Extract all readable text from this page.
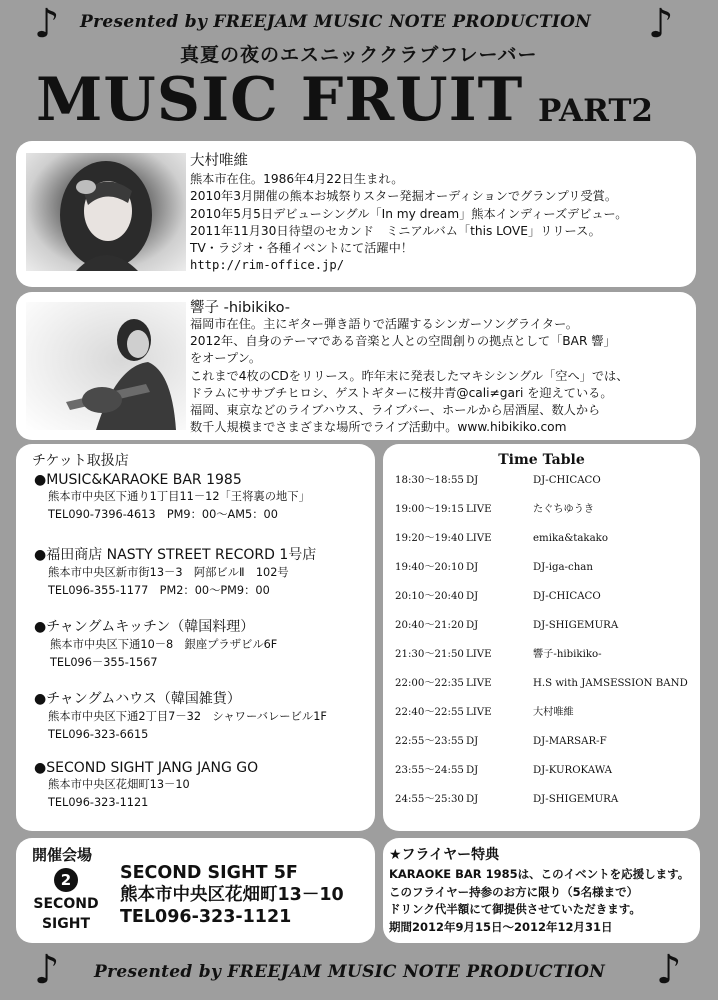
♪	♪
Presented by FREEJAM MUSIC NOTE PRODUCTION
真夏の夜のエスニッククラブフレーバー
MUSIC FRUIT PART2
大村唯維
熊本市在住。1986年4月22日生まれ。
2010年3月開催の熊本お城祭りスター発掘オーディションでグランプリ受賞。
2010年5月5日デビューシングル「In my dream」熊本インディーズデビュー。
2011年11月30日待望のセカンド　ミニアルバム「this LOVE」リリース。
TV・ラジオ・各種イベントにて活躍中！
http://rim-office.jp/
響子 -hibikiko-
福岡市在住。主にギター弾き語りで活躍するシンガーソングライター。
2012年、自身のテーマである音楽と人との空間創りの拠点として「BAR 響」
をオープン。
これまで4枚のCDをリリース。昨年末に発表したマキシシングル「空へ」では、
ドラムにササブチヒロシ、ゲストギターに桜井青@cali≠gari を迎えている。
福岡、東京などのライブハウス、ライブバー、ホールから居酒屋、数人から
数千人規模までさまざまな場所でライブ活動中。www.hibikiko.com
チケット取扱店
●MUSIC&KARAOKE BAR 1985
熊本市中央区下通り1丁目11－12「王将裏の地下」
TEL090-7396-4613　PM9：00～AM5：00
●福田商店 NASTY STREET RECORD 1号店
熊本市中央区新市街13－3　阿部ビルⅡ　102号
TEL096-355-1177　PM2：00～PM9：00
●チャングムキッチン（韓国料理）
熊本市中央区下通10－8　銀座プラザビル6F
TEL096－355-1567
●チャングムハウス（韓国雑貨）
熊本市中央区下通2丁目7－32　シャワーバレービル1F
TEL096-323-6615
●SECOND SIGHT JANG JANG GO
熊本市中央区花畑町13－10
TEL096-323-1121
Time Table
18:30～18:55 DJ	DJ-CHICACO
19:00～19:15 LIVE	たぐちゆうき
19:20～19:40 LIVE	emika&takako
19:40～20:10 DJ	DJ-iga-chan
20:10～20:40 DJ	DJ-CHICACO
20:40～21:20 DJ	DJ-SHIGEMURA
21:30～21:50 LIVE	響子-hibikiko-
22:00～22:35 LIVE	H.S with JAMSESSION BAND
22:40～22:55 LIVE	大村唯維
22:55～23:55 DJ	DJ-MARSAR-F
23:55～24:55 DJ	DJ-KUROKAWA
24:55～25:30 DJ	DJ-SHIGEMURA
開催会場
2
SECOND
SIGHT
SECOND SIGHT 5F
熊本市中央区花畑町13－10
TEL096-323-1121
★フライヤー特典
KARAOKE BAR 1985は、このイベントを応援します。
このフライヤー持参のお方に限り（5名様まで）
ドリンク代半額にて御提供させていただきます。
期間2012年9月15日～2012年12月31日
♪	♪
Presented by FREEJAM MUSIC NOTE PRODUCTION
